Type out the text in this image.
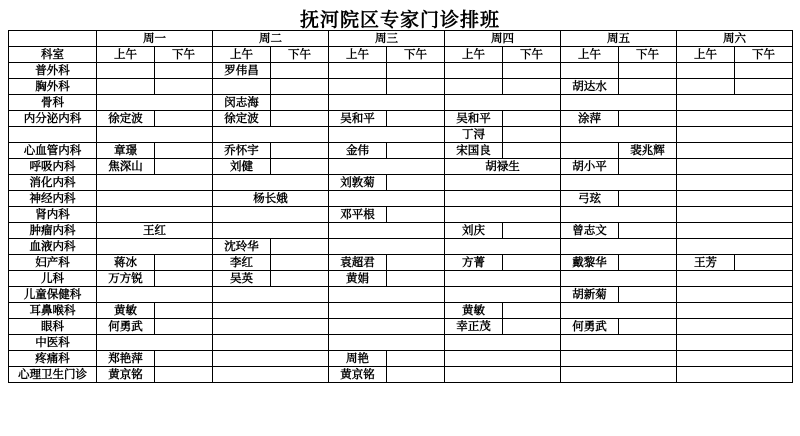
抚河院区专家门诊排班
	周一		周二		周三		周四		周五		周六	
科室	上午	下午	上午	下午	上午	下午	上午	下午	上午	下午	上午	下午
普外科			罗伟昌									
胸外科									胡达水			
骨科			闵志海									
内分泌内科	徐定波		徐定波		吴和平		吴和平		涂萍			
							丁浔					
心血管内科	章璟		乔怀宇		金伟		宋国良			裴兆辉		
呼吸内科	焦深山		刘健				胡禄生		胡小平			
消化内科					刘敦菊							
神经内科			杨长娥						弓玹			
肾内科					邓平根							
肿瘤内科	王红						刘庆		曾志文			
血液内科			沈玲华									
妇产科	蒋冰		李红		袁超君		方菁		戴黎华		王芳	
儿科	万方锐		吴英		黄娟							
儿童保健科									胡新菊			
耳鼻喉科	黄敏						黄敏					
眼科	何勇武						幸正茂		何勇武			
中医科												
疼痛科	郑艳萍				周艳							
心理卫生门诊	黄京铭				黄京铭							
